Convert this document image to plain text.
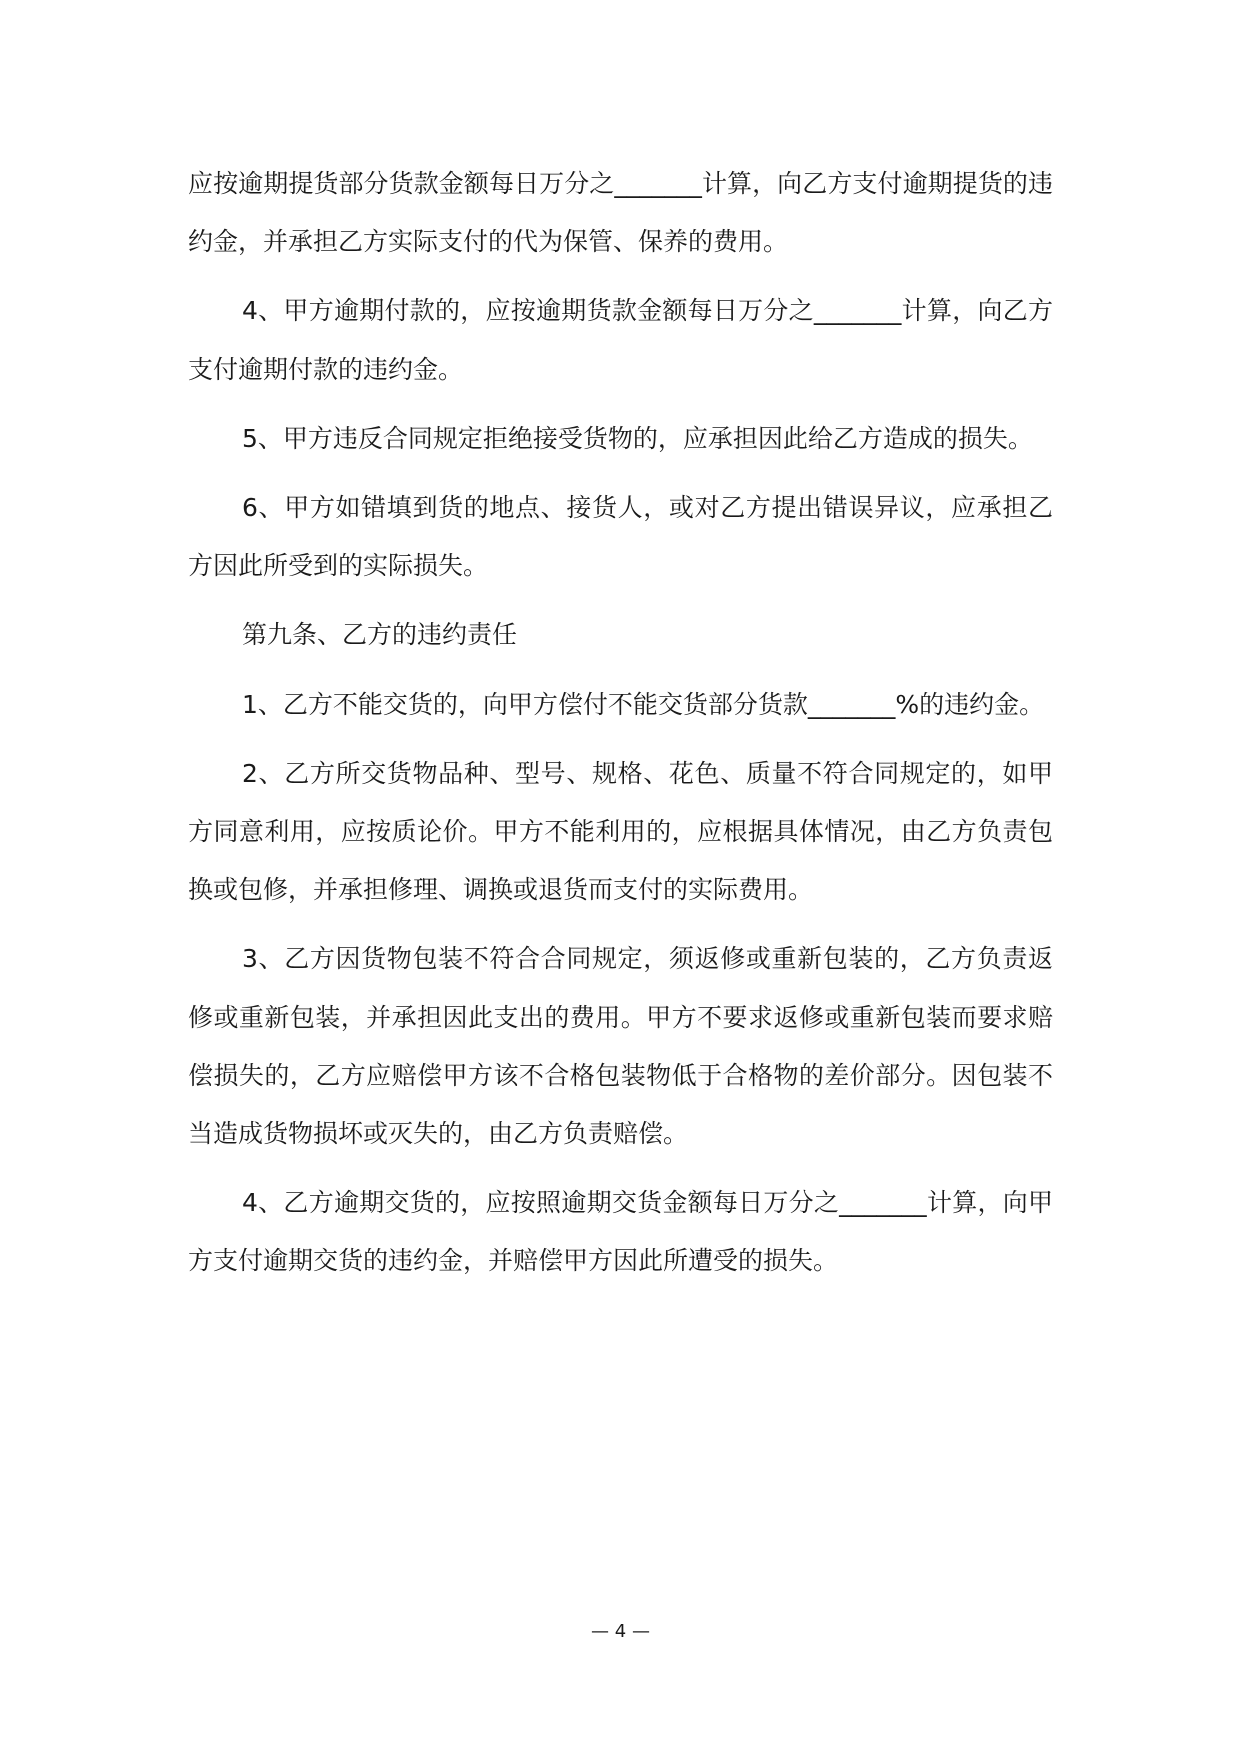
应按逾期提货部分货款金额每日万分之_______计算，向乙方支付逾期提货的违约金，并承担乙方实际支付的代为保管、保养的费用。

4、甲方逾期付款的，应按逾期货款金额每日万分之_______计算，向乙方支付逾期付款的违约金。

5、甲方违反合同规定拒绝接受货物的，应承担因此给乙方造成的损失。

6、甲方如错填到货的地点、接货人，或对乙方提出错误异议，应承担乙方因此所受到的实际损失。

第九条、乙方的违约责任

1、乙方不能交货的，向甲方偿付不能交货部分货款_______%的违约金。

2、乙方所交货物品种、型号、规格、花色、质量不符合同规定的，如甲方同意利用，应按质论价。甲方不能利用的，应根据具体情况，由乙方负责包换或包修，并承担修理、调换或退货而支付的实际费用。

3、乙方因货物包装不符合合同规定，须返修或重新包装的，乙方负责返修或重新包装，并承担因此支出的费用。甲方不要求返修或重新包装而要求赔偿损失的，乙方应赔偿甲方该不合格包装物低于合格物的差价部分。因包装不当造成货物损坏或灭失的，由乙方负责赔偿。

4、乙方逾期交货的，应按照逾期交货金额每日万分之_______计算，向甲方支付逾期交货的违约金，并赔偿甲方因此所遭受的损失。

— 4 —
